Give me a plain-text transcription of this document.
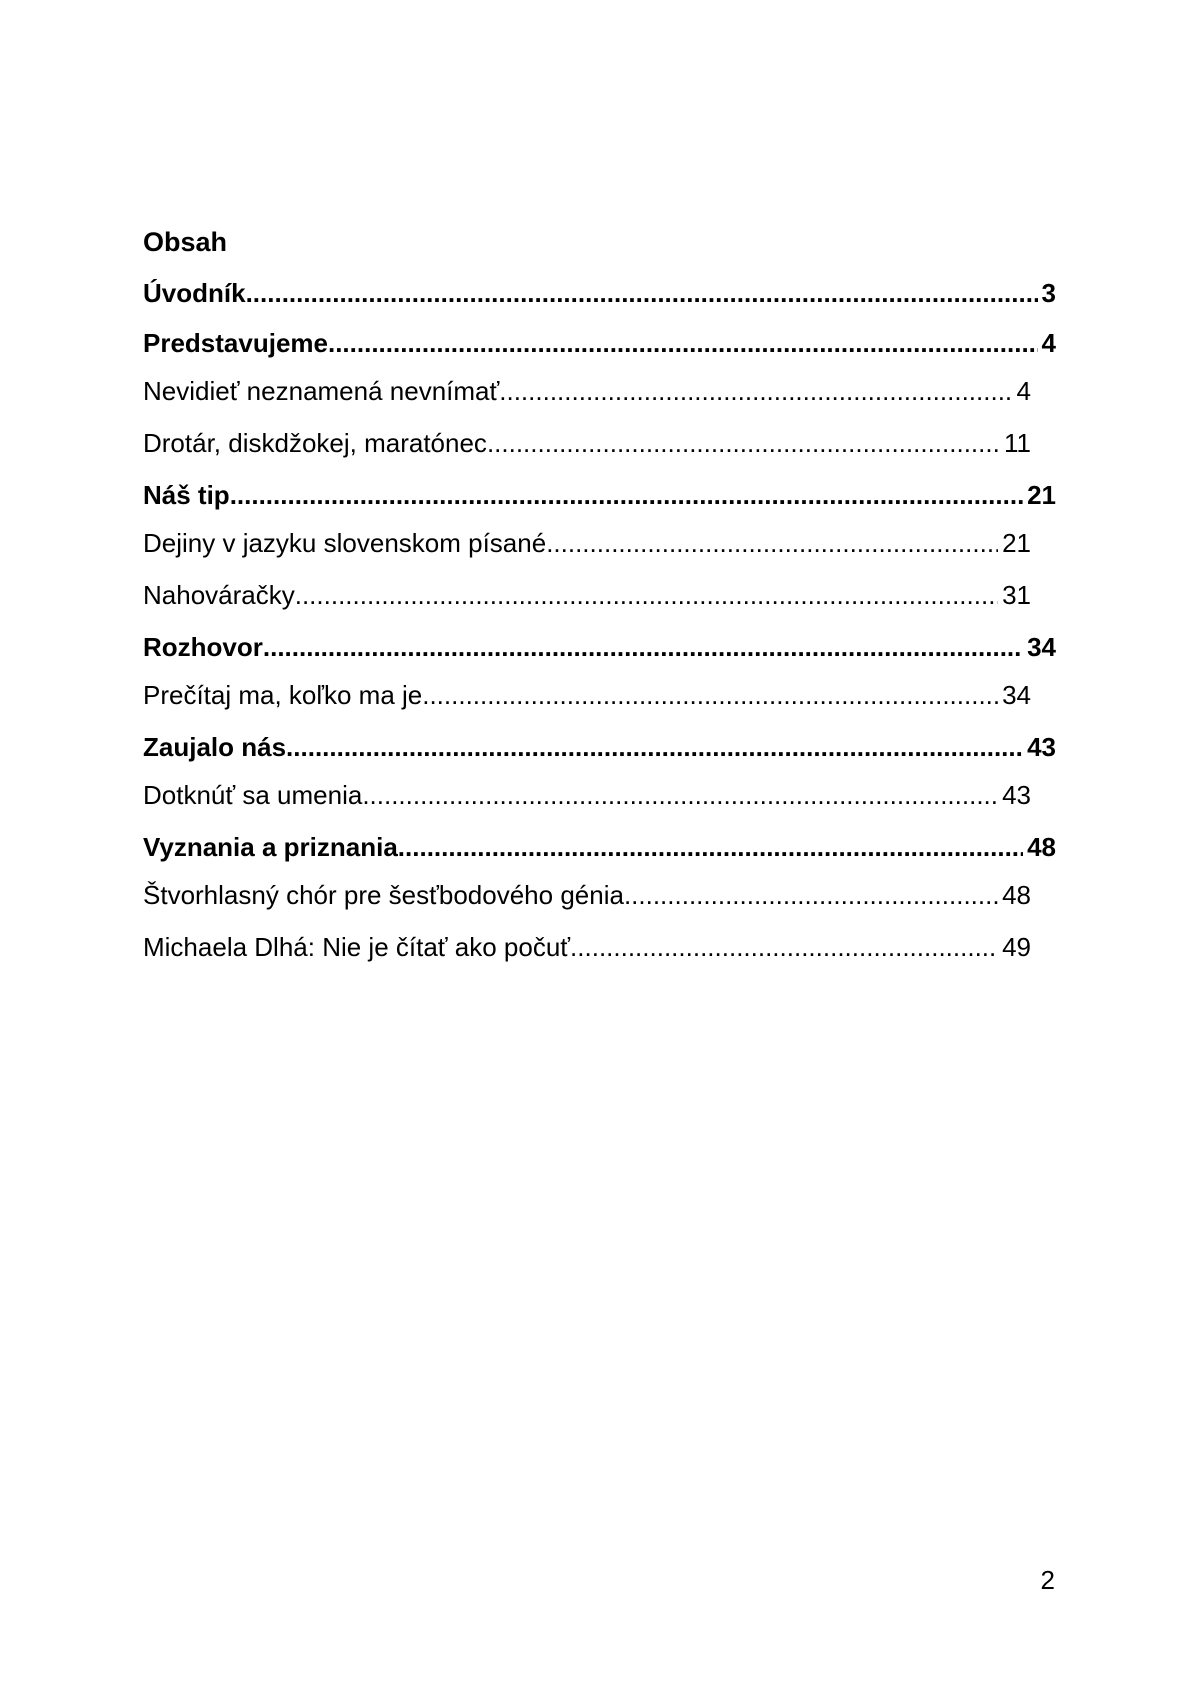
Obsah
Úvodník .....	3
Predstavujeme .....	4
Nevidieť neznamená nevnímať .....	4
Drotár, diskdžokej, maratónec .....	11
Náš tip .....	21
Dejiny v jazyku slovenskom písané .....	21
Nahováračky .....	31
Rozhovor .....	34
Prečítaj ma, koľko ma je .....	34
Zaujalo nás .....	43
Dotknúť sa umenia .....	43
Vyznania a priznania .....	48
Štvorhlasný chór pre šesťbodového génia .....	48
Michaela Dlhá: Nie je čítať ako počuť .....	49
2
